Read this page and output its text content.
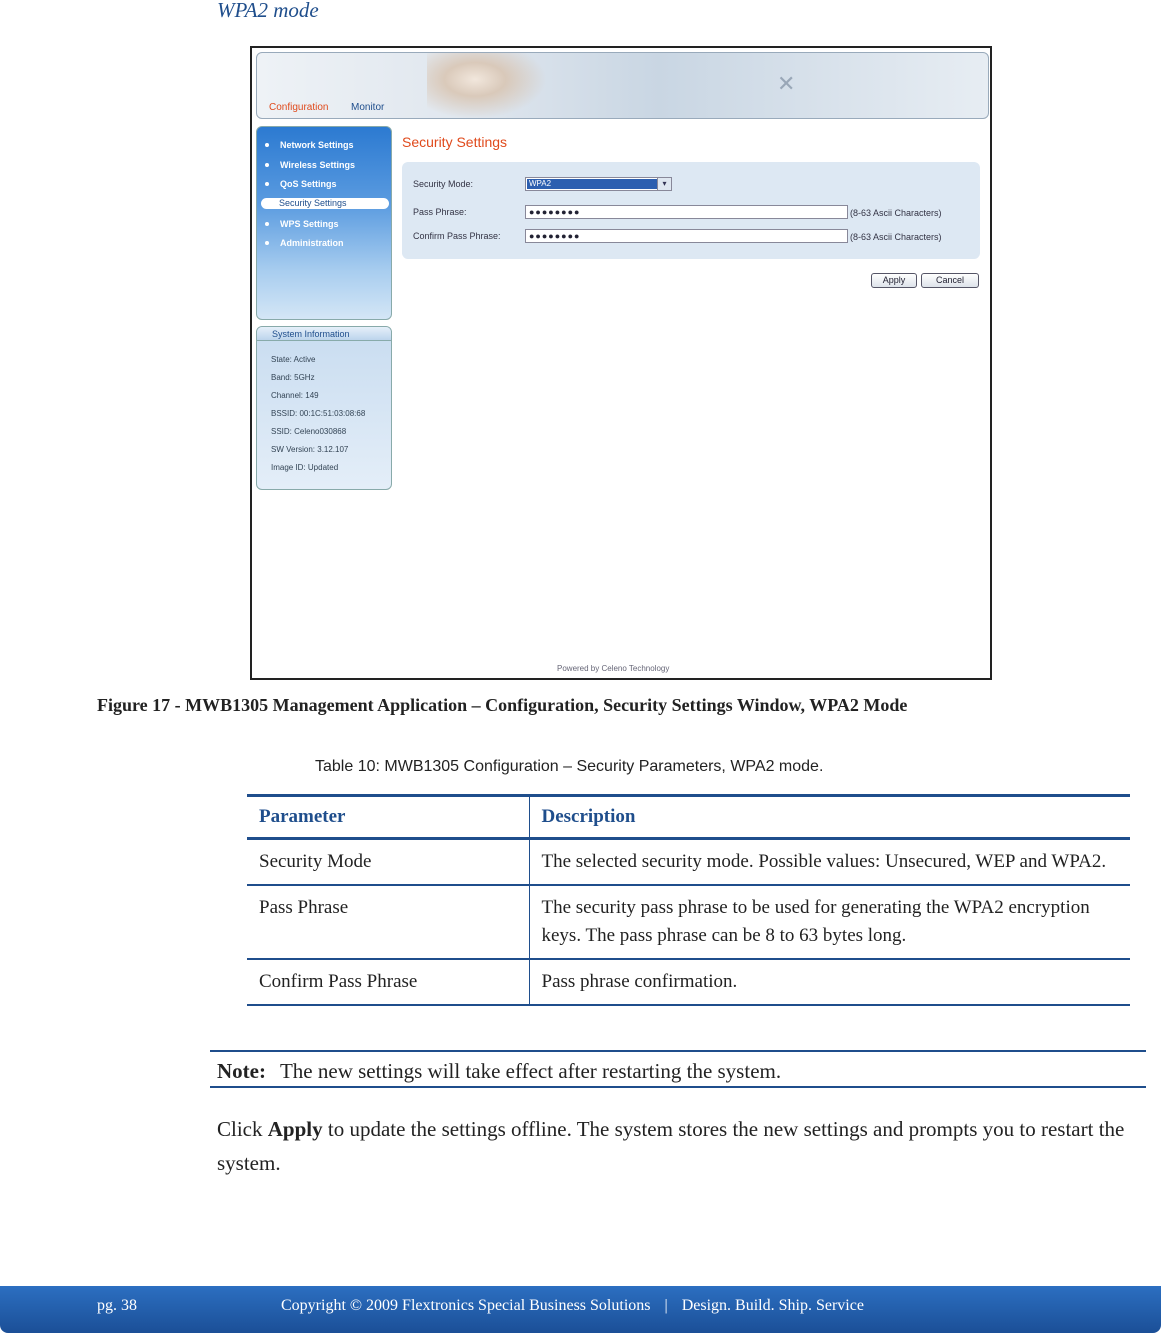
WPA2 mode
✕
Configuration Monitor
Network Settings
Wireless Settings
QoS Settings
Security Settings
WPS Settings
Administration
System Information
State: Active
Band: 5GHz
Channel: 149
BSSID: 00:1C:51:03:08:68
SSID: Celeno030868
SW Version: 3.12.107
Image ID: Updated
Security Settings
Security Mode:	WPA2	▾
Pass Phrase:	●●●●●●●●	(8-63 Ascii Characters)
Confirm Pass Phrase:	●●●●●●●●	(8-63 Ascii Characters)
Apply	Cancel
Powered by Celeno Technology
Figure 17 - MWB1305 Management Application – Configuration, Security Settings Window, WPA2 Mode
Table 10: MWB1305 Configuration – Security Parameters, WPA2 mode.
Parameter	Description
Security Mode	The selected security mode. Possible values: Unsecured, WEP and WPA2.
Pass Phrase	The security pass phrase to be used for generating the WPA2 encryption keys. The pass phrase can be 8 to 63 bytes long.
Confirm Pass Phrase	Pass phrase confirmation.
Note: The new settings will take effect after restarting the system.
Click Apply to update the settings offline. The system stores the new settings and prompts you to restart the system.
pg. 38	Copyright © 2009 Flextronics Special Business Solutions | Design. Build. Ship. Service
